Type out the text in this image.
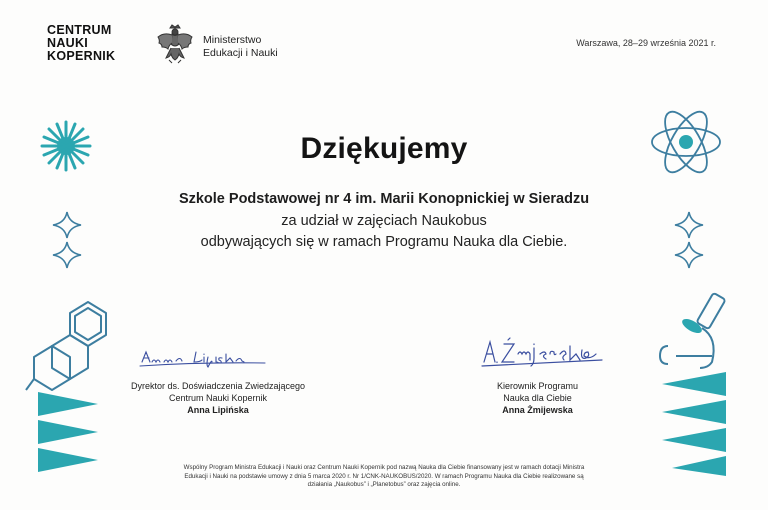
CENTRUM
NAUKI
KOPERNIK
Ministerstwo
Edukacji i Nauki
Warszawa, 28–29 września 2021 r.
Dziękujemy
Szkole Podstawowej nr 4 im. Marii Konopnickiej w Sieradzu
za udział w zajęciach Naukobus
odbywających się w ramach Programu Nauka dla Ciebie.
Dyrektor ds. Doświadczenia Zwiedzającego
Centrum Nauki Kopernik
Anna Lipińska
Kierownik Programu
Nauka dla Ciebie
Anna Żmijewska
Wspólny Program Ministra Edukacji i Nauki oraz Centrum Nauki Kopernik pod nazwą Nauka dla Ciebie finansowany jest w ramach dotacji Ministra
Edukacji i Nauki na podstawie umowy z dnia 5 marca 2020 r. Nr 1/CNK-NAUKOBUS/2020. W ramach Programu Nauka dla Ciebie realizowane są
działania „Naukobus” i „Planetobus” oraz zajęcia online.
